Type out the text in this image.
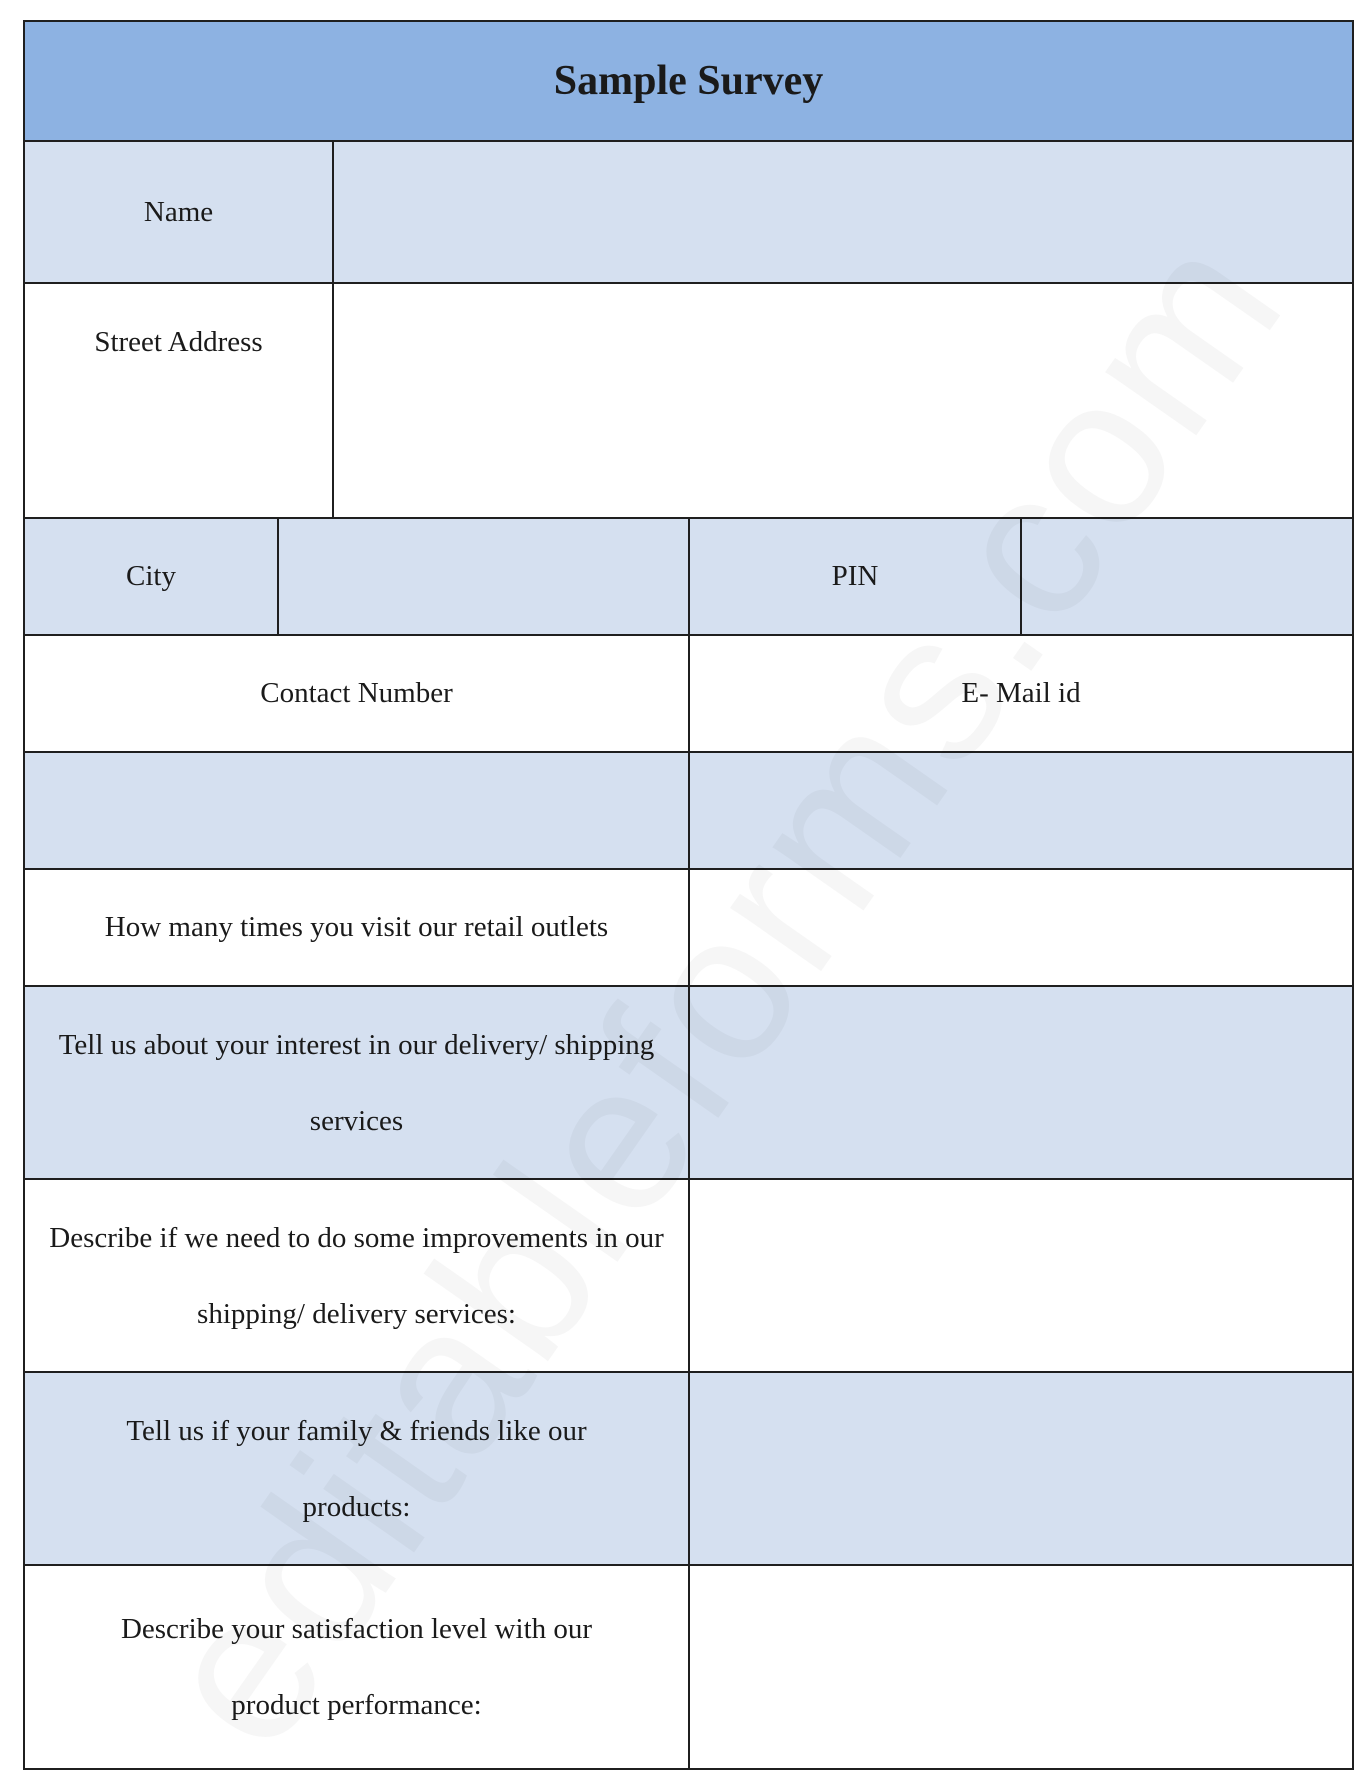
Sample Survey
Name
Street Address
City	PIN
Contact Number	E- Mail id
How many times you visit our retail outlets
Tell us about your interest in our delivery/ shipping services
Describe if we need to do some improvements in our shipping/ delivery services:
Tell us if your family & friends like our products:
Describe your satisfaction level with our product performance:
